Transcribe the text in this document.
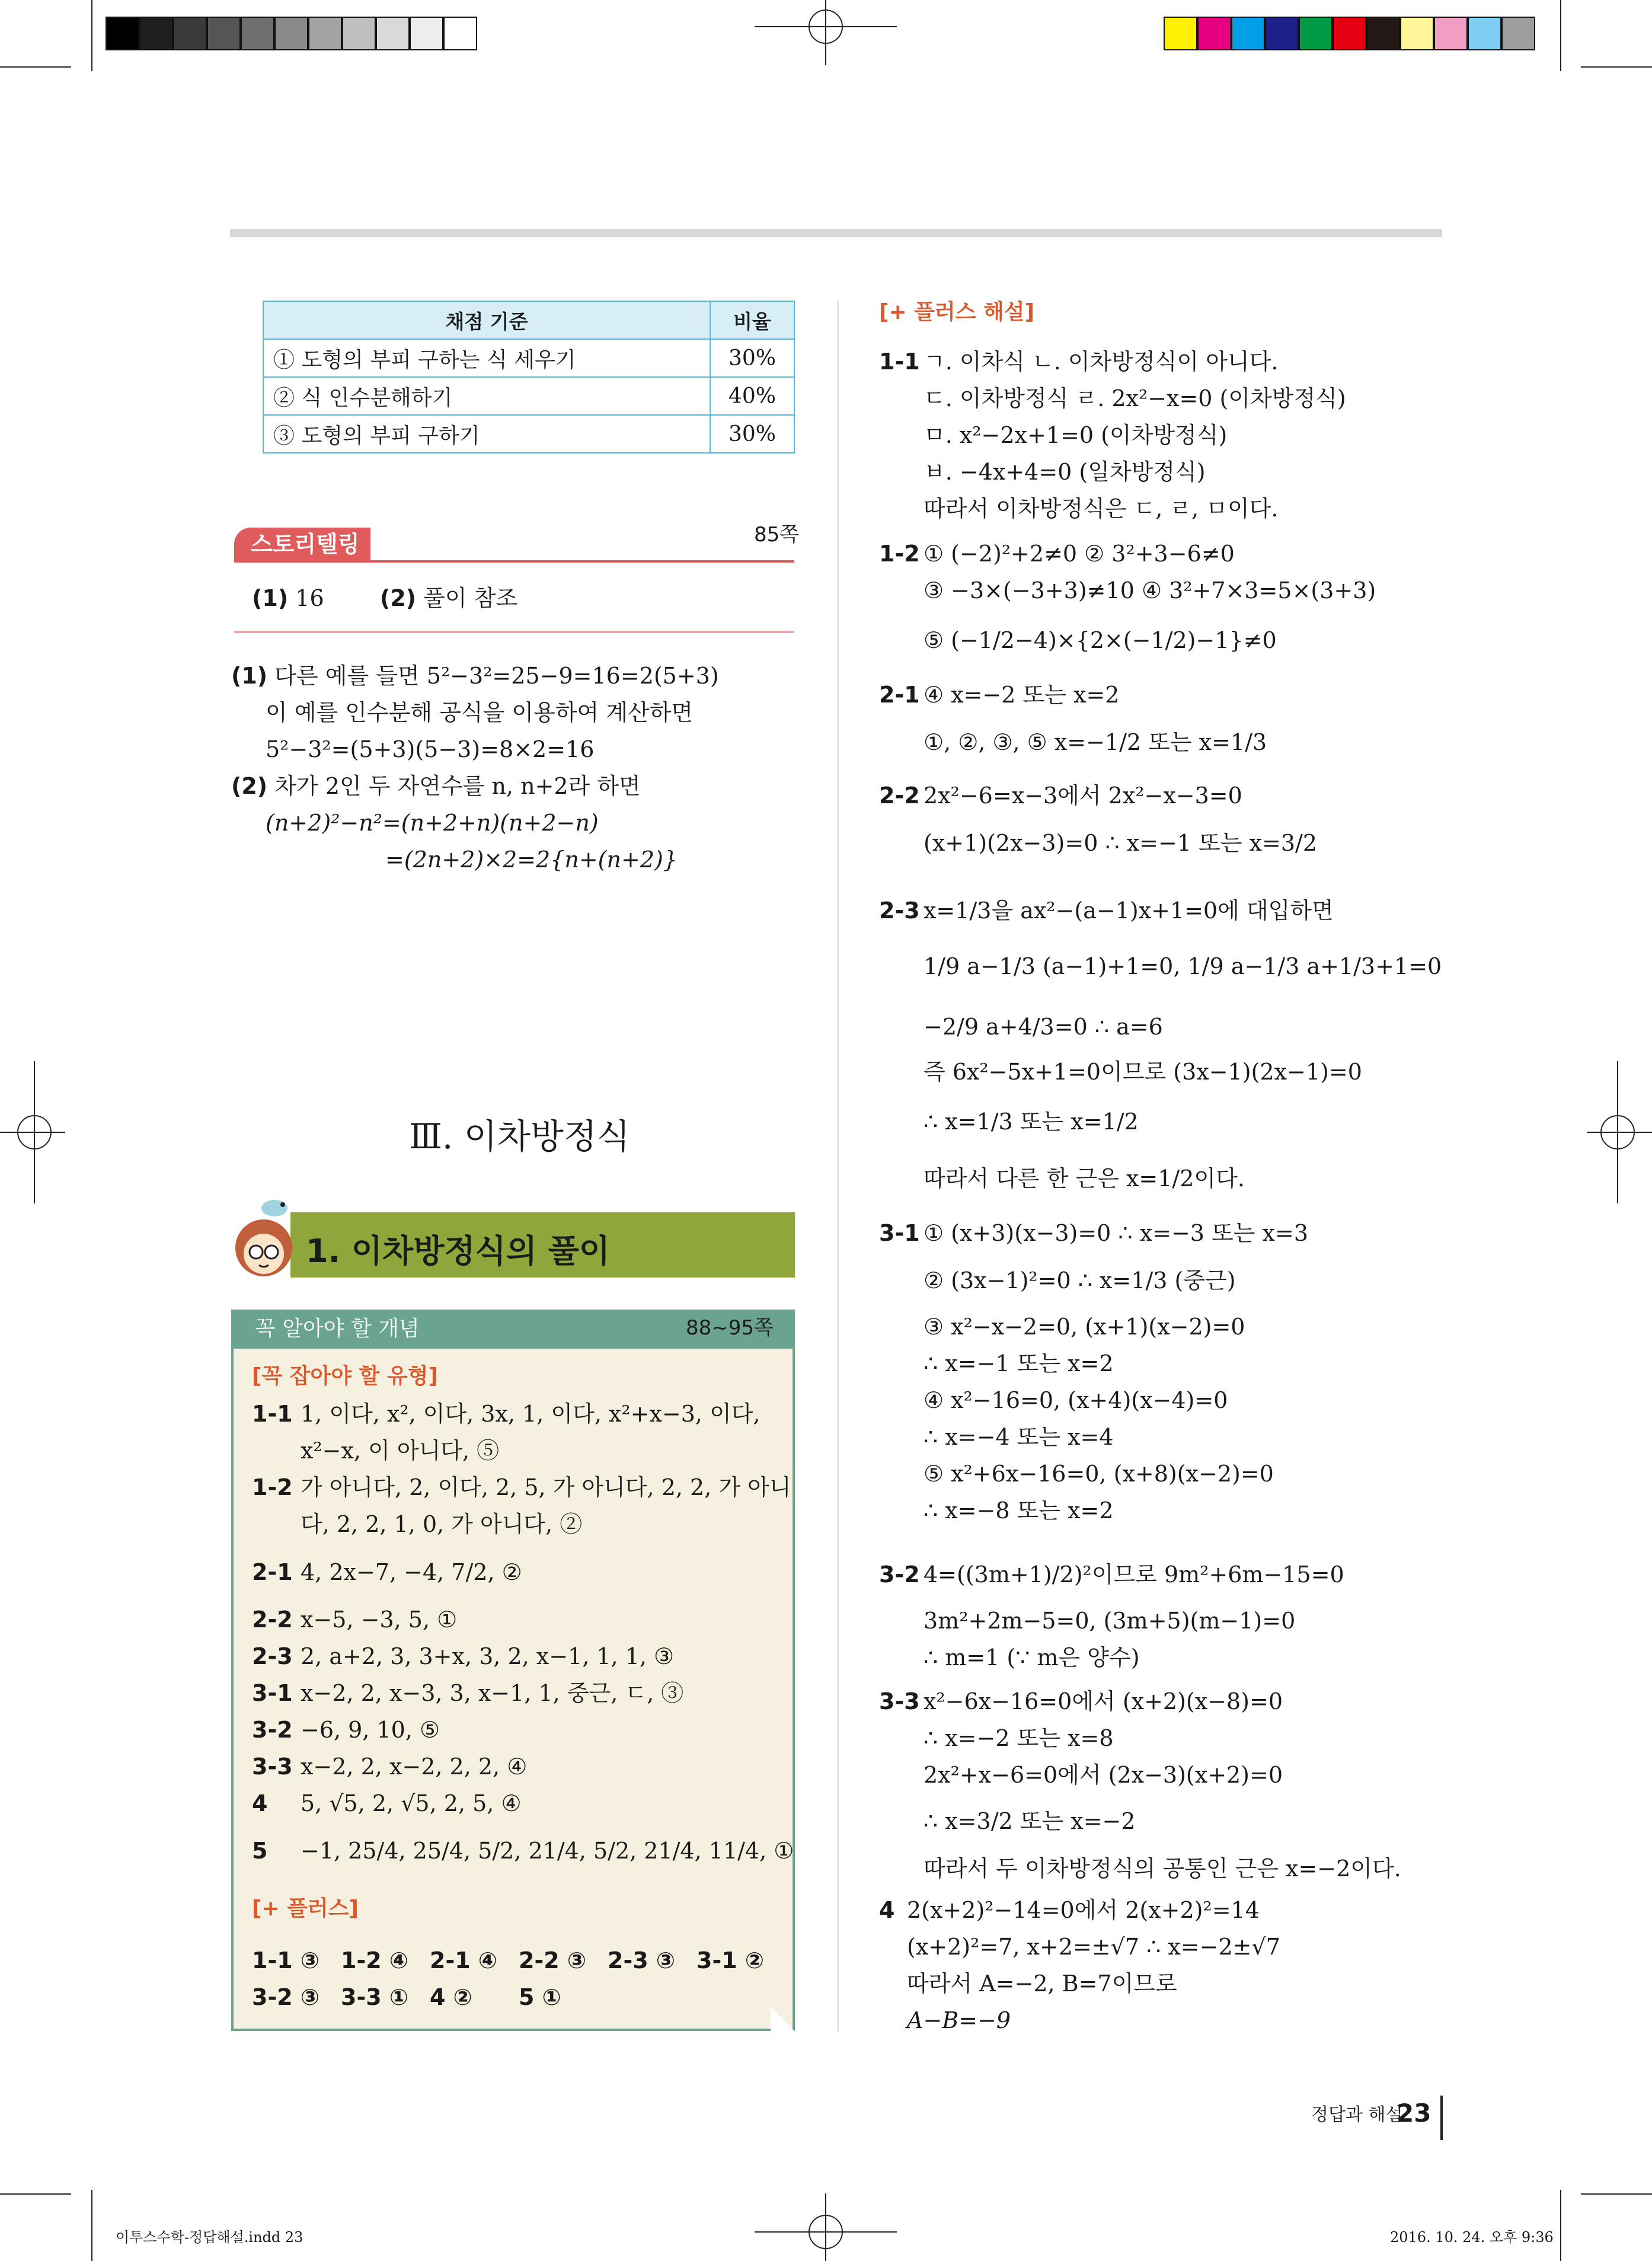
채점 기준	비율
① 도형의 부피 구하는 식 세우기	30%
② 식 인수분해하기	40%
③ 도형의 부피 구하기	30%
스토리텔링	85쪽
(1) 16 (2) 풀이 참조
(1) 다른 예를 들면 5²−3²=25−9=16=2(5+3)
이 예를 인수분해 공식을 이용하여 계산하면
5²−3²=(5+3)(5−3)=8×2=16
(2) 차가 2인 두 자연수를 n, n+2라 하면
(n+2)²−n²=(n+2+n)(n+2−n)
=(2n+2)×2=2{n+(n+2)}
Ⅲ. 이차방정식
1. 이차방정식의 풀이
꼭 알아야 할 개념	88~95쪽
[꼭 잡아야 할 유형]
1-1 1, 이다, x², 이다, 3x, 1, 이다, x²+x−3, 이다,
x²−x, 이 아니다, ⑤
1-2 가 아니다, 2, 이다, 2, 5, 가 아니다, 2, 2, 가 아니
다, 2, 2, 1, 0, 가 아니다, ②
2-1 4, 2x−7, −4, 7/2, ②
2-2 x−5, −3, 5, ①
2-3 2, a+2, 3, 3+x, 3, 2, x−1, 1, 1, ③
3-1 x−2, 2, x−3, 3, x−1, 1, 중근, ㄷ, ③
3-2 −6, 9, 10, ⑤
3-3 x−2, 2, x−2, 2, 2, ④
4 5, √5, 2, √5, 2, 5, ④
5 −1, 25/4, 25/4, 5/2, 21/4, 5/2, 21/4, 11/4, ①
[+ 플러스]
1-1 ③ 1-2 ④ 2-1 ④ 2-2 ③ 2-3 ③ 3-1 ②
3-2 ③ 3-3 ① 4 ② 5 ①
[+ 플러스 해설]
1-1 ㄱ. 이차식 ㄴ. 이차방정식이 아니다.
ㄷ. 이차방정식 ㄹ. 2x²−x=0 (이차방정식)
ㅁ. x²−2x+1=0 (이차방정식)
ㅂ. −4x+4=0 (일차방정식)
따라서 이차방정식은 ㄷ, ㄹ, ㅁ이다.
1-2 ① (−2)²+2≠0 ② 3²+3−6≠0
③ −3×(−3+3)≠10 ④ 3²+7×3=5×(3+3)
⑤ (−1/2−4)×{2×(−1/2)−1}≠0
2-1 ④ x=−2 또는 x=2
①, ②, ③, ⑤ x=−1/2 또는 x=1/3
2-2 2x²−6=x−3에서 2x²−x−3=0
(x+1)(2x−3)=0 ∴ x=−1 또는 x=3/2
2-3 x=1/3을 ax²−(a−1)x+1=0에 대입하면
1/9 a−1/3 (a−1)+1=0, 1/9 a−1/3 a+1/3+1=0
−2/9 a+4/3=0 ∴ a=6
즉 6x²−5x+1=0이므로 (3x−1)(2x−1)=0
∴ x=1/3 또는 x=1/2
따라서 다른 한 근은 x=1/2이다.
3-1 ① (x+3)(x−3)=0 ∴ x=−3 또는 x=3
② (3x−1)²=0 ∴ x=1/3 (중근)
③ x²−x−2=0, (x+1)(x−2)=0
∴ x=−1 또는 x=2
④ x²−16=0, (x+4)(x−4)=0
∴ x=−4 또는 x=4
⑤ x²+6x−16=0, (x+8)(x−2)=0
∴ x=−8 또는 x=2
3-2 4=((3m+1)/2)²이므로 9m²+6m−15=0
3m²+2m−5=0, (3m+5)(m−1)=0
∴ m=1 (∵ m은 양수)
3-3 x²−6x−16=0에서 (x+2)(x−8)=0
∴ x=−2 또는 x=8
2x²+x−6=0에서 (2x−3)(x+2)=0
∴ x=3/2 또는 x=−2
따라서 두 이차방정식의 공통인 근은 x=−2이다.
4 2(x+2)²−14=0에서 2(x+2)²=14
(x+2)²=7, x+2=±√7 ∴ x=−2±√7
따라서 A=−2, B=7이므로
A−B=−9
정답과 해설
23
이투스수학-정답해설.indd 23	2016. 10. 24. 오후 9:36
